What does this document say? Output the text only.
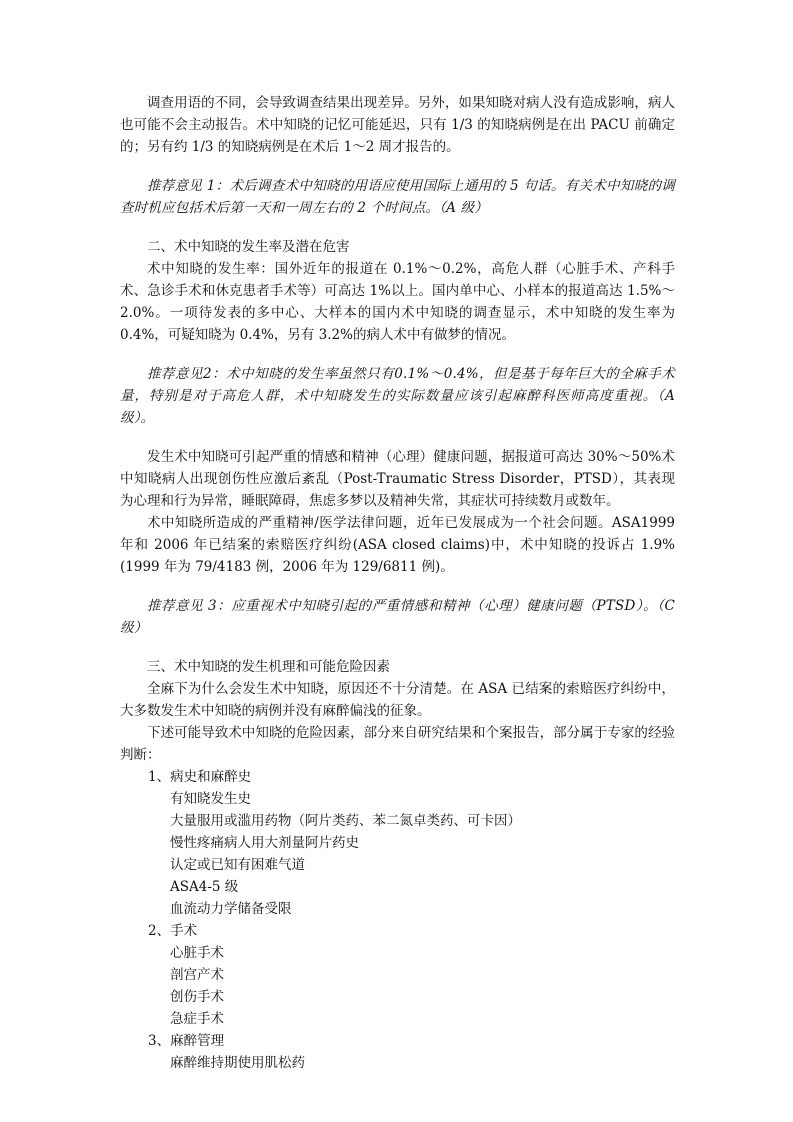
调查用语的不同，会导致调查结果出现差异。另外，如果知晓对病人没有造成影响，病人也可能不会主动报告。术中知晓的记忆可能延迟，只有 1/3 的知晓病例是在出 PACU 前确定的；另有约 1/3 的知晓病例是在术后 1～2 周才报告的。

推荐意见 1：术后调查术中知晓的用语应使用国际上通用的 5 句话。有关术中知晓的调查时机应包括术后第一天和一周左右的 2 个时间点。（A 级）

二、术中知晓的发生率及潜在危害

术中知晓的发生率：国外近年的报道在 0.1%～0.2%，高危人群（心脏手术、产科手术、急诊手术和休克患者手术等）可高达 1%以上。国内单中心、小样本的报道高达 1.5%～2.0%。一项待发表的多中心、大样本的国内术中知晓的调查显示，术中知晓的发生率为 0.4%，可疑知晓为 0.4%，另有 3.2%的病人术中有做梦的情况。

推荐意见2：术中知晓的发生率虽然只有0.1%～0.4%，但是基于每年巨大的全麻手术量，特别是对于高危人群，术中知晓发生的实际数量应该引起麻醉科医师高度重视。（A 级）。

发生术中知晓可引起严重的情感和精神（心理）健康问题，据报道可高达 30%～50%术中知晓病人出现创伤性应激后紊乱（Post-Traumatic Stress Disorder，PTSD），其表现为心理和行为异常，睡眠障碍，焦虑多梦以及精神失常，其症状可持续数月或数年。

术中知晓所造成的严重精神/医学法律问题，近年已发展成为一个社会问题。ASA1999 年和 2006 年已结案的索赔医疗纠纷(ASA closed claims)中，术中知晓的投诉占 1.9%(1999 年为 79/4183 例，2006 年为 129/6811 例)。

推荐意见 3：应重视术中知晓引起的严重情感和精神（心理）健康问题（PTSD）。（C 级）

三、术中知晓的发生机理和可能危险因素

全麻下为什么会发生术中知晓，原因还不十分清楚。在 ASA 已结案的索赔医疗纠纷中，大多数发生术中知晓的病例并没有麻醉偏浅的征象。

下述可能导致术中知晓的危险因素，部分来自研究结果和个案报告，部分属于专家的经验判断：

1、病史和麻醉史

有知晓发生史

大量服用或滥用药物（阿片类药、苯二氮卓类药、可卡因）

慢性疼痛病人用大剂量阿片药史

认定或已知有困难气道

ASA4-5 级

血流动力学储备受限

2、手术

心脏手术

剖宫产术

创伤手术

急症手术

3、麻醉管理

麻醉维持期使用肌松药
